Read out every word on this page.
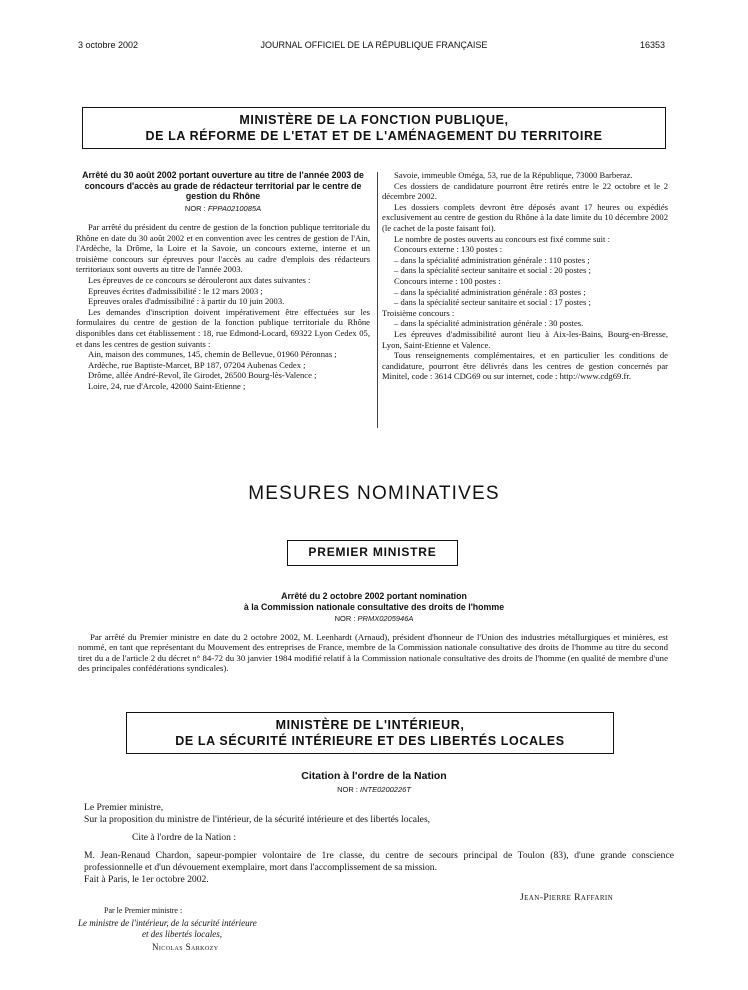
3 octobre 2002	JOURNAL OFFICIEL DE LA RÉPUBLIQUE FRANÇAISE	16353
MINISTÈRE DE LA FONCTION PUBLIQUE,
DE LA RÉFORME DE L'ETAT ET DE L'AMÉNAGEMENT DU TERRITOIRE
Arrêté du 30 août 2002 portant ouverture au titre de l'année 2003 de concours d'accès au grade de rédacteur territorial par le centre de gestion du Rhône
NOR : FPPA0210085A

Par arrêté du président du centre de gestion de la fonction publique territoriale du Rhône en date du 30 août 2002 et en convention avec les centres de gestion de l'Ain, l'Ardèche, la Drôme, la Loire et la Savoie, un concours externe, interne et un troisième concours sur épreuves pour l'accès au cadre d'emplois des rédacteurs territoriaux sont ouverts au titre de l'année 2003.

Les épreuves de ce concours se dérouleront aux dates suivantes :

Epreuves écrites d'admissibilité : le 12 mars 2003 ;

Epreuves orales d'admissibilité : à partir du 10 juin 2003.

Les demandes d'inscription doivent impérativement être effectuées sur les formulaires du centre de gestion de la fonction publique territoriale du Rhône disponibles dans cet établissement : 18, rue Edmond-Locard, 69322 Lyon Cedex 05, et dans les centres de gestion suivants :

Ain, maison des communes, 145, chemin de Bellevue, 01960 Péronnas ;

Ardèche, rue Baptiste-Marcet, BP 187, 07204 Aubenas Cedex ;

Drôme, allée André-Revol, île Girodet, 26500 Bourg-lès-Valence ;

Loire, 24, rue d'Arcole, 42000 Saint-Etienne ;

Savoie, immeuble Oméga, 53, rue de la République, 73000 Barberaz.

Ces dossiers de candidature pourront être retirés entre le 22 octobre et le 2 décembre 2002.

Les dossiers complets devront être déposés avant 17 heures ou expédiés exclusivement au centre de gestion du Rhône à la date limite du 10 décembre 2002 (le cachet de la poste faisant foi).

Le nombre de postes ouverts au concours est fixé comme suit :

Concours externe : 130 postes :

– dans la spécialité administration générale : 110 postes ;

– dans la spécialité secteur sanitaire et social : 20 postes ;

Concours interne : 100 postes :

– dans la spécialité administration générale : 83 postes ;

– dans la spécialité secteur sanitaire et social : 17 postes ;

Troisième concours :

– dans la spécialité administration générale : 30 postes.

Les épreuves d'admissibilité auront lieu à Aix-les-Bains, Bourg-en-Bresse, Lyon, Saint-Etienne et Valence.

Tous renseignements complémentaires, et en particulier les conditions de candidature, pourront être délivrés dans les centres de gestion concernés par Minitel, code : 3614 CDG69 ou sur internet, code : http://www.cdg69.fr.

MESURES NOMINATIVES
PREMIER MINISTRE
Arrêté du 2 octobre 2002 portant nomination
à la Commission nationale consultative des droits de l'homme
NOR : PRMX0205946A
Par arrêté du Premier ministre en date du 2 octobre 2002, M. Leenhardt (Arnaud), président d'honneur de l'Union des industries métallurgiques et minières, est nommé, en tant que représentant du Mouvement des entreprises de France, membre de la Commission nationale consultative des droits de l'homme au titre du second tiret du a de l'article 2 du décret n° 84-72 du 30 janvier 1984 modifié relatif à la Commission nationale consultative des droits de l'homme (en qualité de membre d'une des principales confédérations syndicales).
MINISTÈRE DE L'INTÉRIEUR,
DE LA SÉCURITÉ INTÉRIEURE ET DES LIBERTÉS LOCALES
Citation à l'ordre de la Nation
NOR : INTE0200226T

Le Premier ministre,

Sur la proposition du ministre de l'intérieur, de la sécurité intérieure et des libertés locales,

Cite à l'ordre de la Nation :

M. Jean-Renaud Chardon, sapeur-pompier volontaire de 1re classe, du centre de secours principal de Toulon (83), d'une grande conscience professionnelle et d'un dévouement exemplaire, mort dans l'accomplissement de sa mission.

Fait à Paris, le 1er octobre 2002.

Jean-Pierre Raffarin
Par le Premier ministre :
Le ministre de l'intérieur, de la sécurité intérieure
et des libertés locales,
Nicolas Sarkozy
